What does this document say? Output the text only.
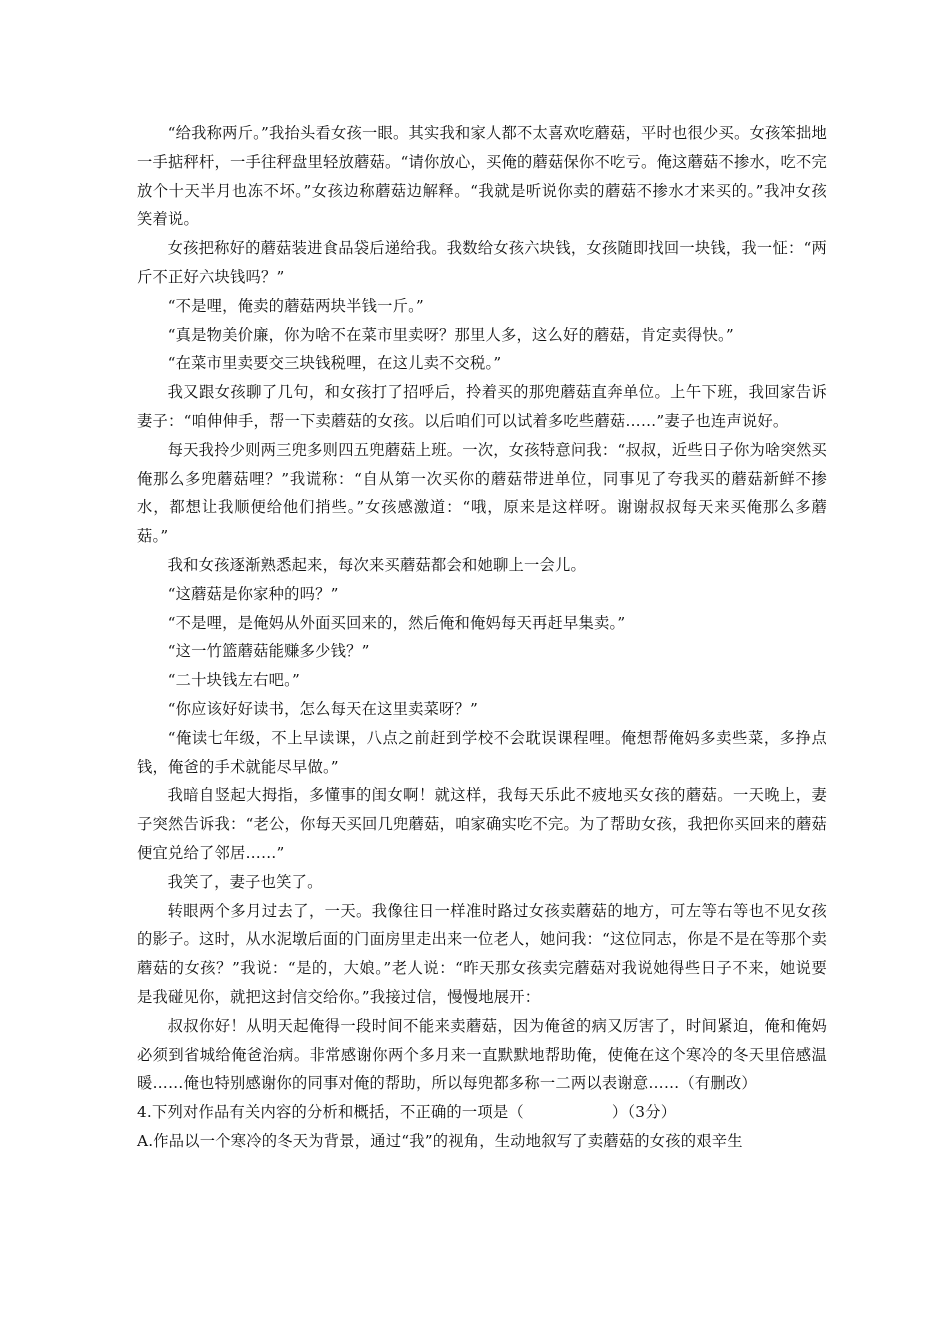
“给我称两斤。”我抬头看女孩一眼。其实我和家人都不太喜欢吃蘑菇，平时也很少买。女孩笨拙地一手掂秤杆，一手往秤盘里轻放蘑菇。“请你放心，买俺的蘑菇保你不吃亏。俺这蘑菇不掺水，吃不完放个十天半月也冻不坏。”女孩边称蘑菇边解释。“我就是听说你卖的蘑菇不掺水才来买的。”我冲女孩笑着说。

女孩把称好的蘑菇装进食品袋后递给我。我数给女孩六块钱，女孩随即找回一块钱，我一怔：“两斤不正好六块钱吗？”

“不是哩，俺卖的蘑菇两块半钱一斤。”

“真是物美价廉，你为啥不在菜市里卖呀？那里人多，这么好的蘑菇，肯定卖得快。”

“在菜市里卖要交三块钱税哩，在这儿卖不交税。”

我又跟女孩聊了几句，和女孩打了招呼后，拎着买的那兜蘑菇直奔单位。上午下班，我回家告诉妻子：“咱伸伸手，帮一下卖蘑菇的女孩。以后咱们可以试着多吃些蘑菇……”妻子也连声说好。

每天我拎少则两三兜多则四五兜蘑菇上班。一次，女孩特意问我：“叔叔，近些日子你为啥突然买俺那么多兜蘑菇哩？”我谎称：“自从第一次买你的蘑菇带进单位，同事见了夸我买的蘑菇新鲜不掺水，都想让我顺便给他们捎些。”女孩感激道：“哦，原来是这样呀。谢谢叔叔每天来买俺那么多蘑菇。”

我和女孩逐渐熟悉起来，每次来买蘑菇都会和她聊上一会儿。

“这蘑菇是你家种的吗？”

“不是哩，是俺妈从外面买回来的，然后俺和俺妈每天再赶早集卖。”

“这一竹篮蘑菇能赚多少钱？”

“二十块钱左右吧。”

“你应该好好读书，怎么每天在这里卖菜呀？”

“俺读七年级，不上早读课，八点之前赶到学校不会耽误课程哩。俺想帮俺妈多卖些菜，多挣点钱，俺爸的手术就能尽早做。”

我暗自竖起大拇指，多懂事的闺女啊！就这样，我每天乐此不疲地买女孩的蘑菇。一天晚上，妻子突然告诉我：“老公，你每天买回几兜蘑菇，咱家确实吃不完。为了帮助女孩，我把你买回来的蘑菇便宜兑给了邻居……”

我笑了，妻子也笑了。

转眼两个多月过去了，一天。我像往日一样准时路过女孩卖蘑菇的地方，可左等右等也不见女孩的影子。这时，从水泥墩后面的门面房里走出来一位老人，她问我：“这位同志，你是不是在等那个卖蘑菇的女孩？”我说：“是的，大娘。”老人说：“昨天那女孩卖完蘑菇对我说她得些日子不来，她说要是我碰见你，就把这封信交给你。”我接过信，慢慢地展开：

叔叔你好！从明天起俺得一段时间不能来卖蘑菇，因为俺爸的病又厉害了，时间紧迫，俺和俺妈必须到省城给俺爸治病。非常感谢你两个多月来一直默默地帮助俺，使俺在这个寒冷的冬天里倍感温暖……俺也特别感谢你的同事对俺的帮助，所以每兜都多称一二两以表谢意……（有删改）

4.下列对作品有关内容的分析和概括，不正确的一项是（	）（3分）

A.作品以一个寒冷的冬天为背景，通过“我”的视角，生动地叙写了卖蘑菇的女孩的艰辛生
